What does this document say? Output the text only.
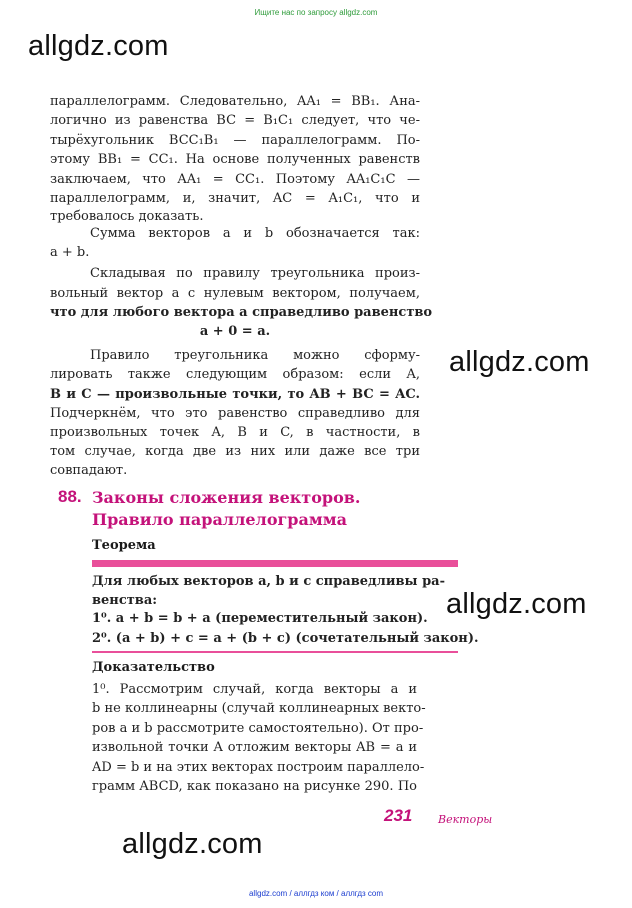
Ищите нас по запросу allgdz.com
allgdz.com
allgdz.com
allgdz.com
allgdz.com
параллелограмм. Следовательно, AA₁ = BB₁. Ана-
логично из равенства BC = B₁C₁ следует, что че-
тырёхугольник BCC₁B₁ — параллелограмм. По-
этому BB₁ = CC₁. На основе полученных равенств
заключаем, что AA₁ = CC₁. Поэтому AA₁C₁C —
параллелограмм, и, значит, AC = A₁C₁, что и
требовалось доказать.
Сумма векторов a и b обозначается так:
a + b.
Складывая по правилу треугольника произ-
вольный вектор a с нулевым вектором, получаем,
что для любого вектора a справедливо равенство
a + 0 = a.
Правило треугольника можно сформу-
лировать также следующим образом: если A,
B и C — произвольные точки, то AB + BC = AC.
Подчеркнём, что это равенство справедливо для
произвольных точек A, B и C, в частности, в
том случае, когда две из них или даже все три
совпадают.
88. Законы сложения векторов.
Правило параллелограмма
Теорема
Для любых векторов a, b и c справедливы ра-
венства:
1⁰. a + b = b + a (переместительный закон).
2⁰. (a + b) + c = a + (b + c) (сочетательный закон).
Доказательство
1⁰. Рассмотрим случай, когда векторы a и
b не коллинеарны (случай коллинеарных векто-
ров a и b рассмотрите самостоятельно). От про-
извольной точки A отложим векторы AB = a и
AD = b и на этих векторах построим параллело-
грамм ABCD, как показано на рисунке 290. По
231 Векторы
allgdz.com / аллгдз ком / аллгдз com
